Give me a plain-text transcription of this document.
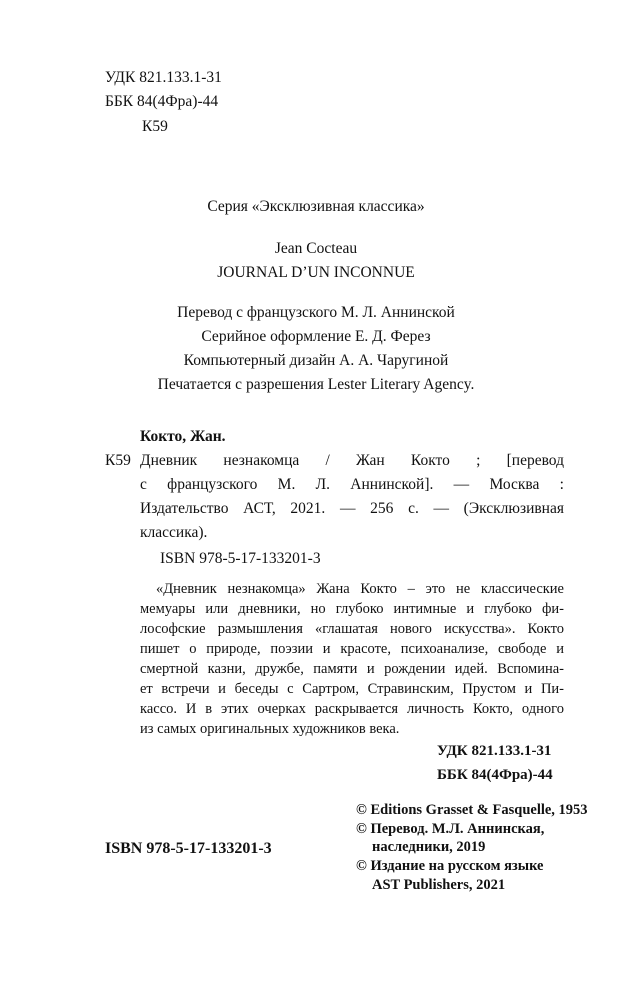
УДК 821.133.1-31
ББК 84(4Фра)-44
К59
Серия «Эксклюзивная классика»
Jean Cocteau
JOURNAL D’UN INCONNUE
Перевод с французского М. Л. Аннинской
Серийное оформление Е. Д. Ферез
Компьютерный дизайн А. А. Чаругиной
Печатается с разрешения Lester Literary Agency.
Кокто, Жан.
К59 Дневник незнакомца / Жан Кокто ; [перевод
с французского М. Л. Аннинской]. — Москва :
Издательство АСТ, 2021. — 256 с. — (Эксклюзивная
классика).
ISBN 978-5-17-133201-3
«Дневник незнакомца» Жана Кокто – это не классические
мемуары или дневники, но глубоко интимные и глубоко фи-
лософские размышления «глашатая нового искусства». Кокто
пишет о природе, поэзии и красоте, психоанализе, свободе и
смертной казни, дружбе, памяти и рождении идей. Вспомина-
ет встречи и беседы с Сартром, Стравинским, Прустом и Пи-
кассо. И в этих очерках раскрывается личность Кокто, одного
из самых оригинальных художников века.
УДК 821.133.1-31
ББК 84(4Фра)-44
ISBN 978-5-17-133201-3
© Editions Grasset & Fasquelle, 1953
© Перевод. М.Л. Аннинская,
наследники, 2019
© Издание на русском языке
AST Publishers, 2021
